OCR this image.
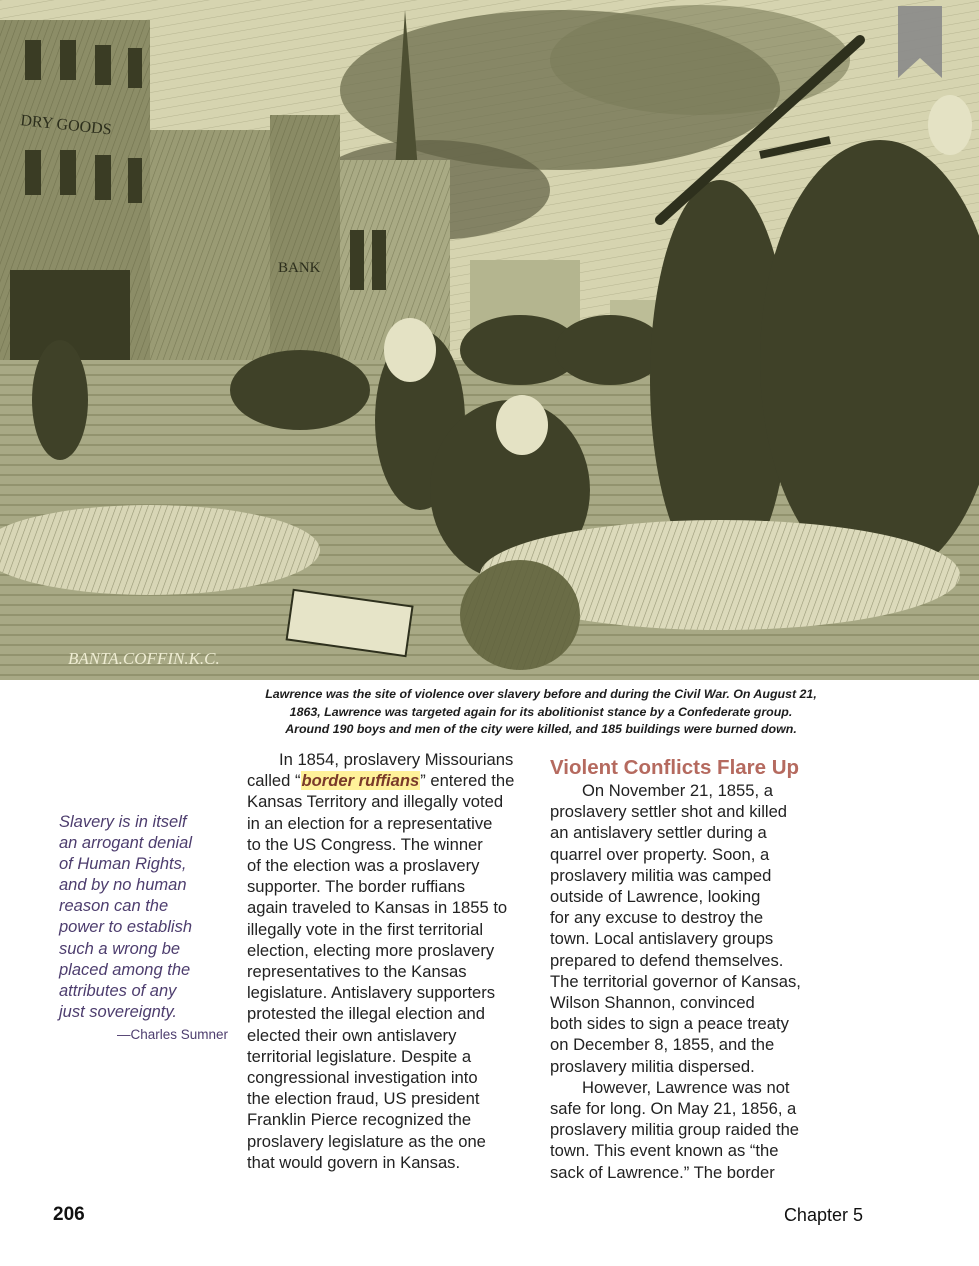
DRY GOODS
BANK
BANTA.COFFIN.K.C.
Lawrence was the site of violence over slavery before and during the Civil War. On August 21,
1863, Lawrence was targeted again for its abolitionist stance by a Confederate group.
Around 190 boys and men of the city were killed, and 185 buildings were burned down.
Slavery is in itself
an arrogant denial
of Human Rights,
and by no human
reason can the
power to establish
such a wrong be
placed among the
attributes of any
just sovereignty.
—Charles Sumner
In 1854, proslavery Missourians
called “border ruffians” entered the
Kansas Territory and illegally voted
in an election for a representative
to the US Congress. The winner
of the election was a proslavery
supporter. The border ruffians
again traveled to Kansas in 1855 to
illegally vote in the first territorial
election, electing more proslavery
representatives to the Kansas
legislature. Antislavery supporters
protested the illegal election and
elected their own antislavery
territorial legislature. Despite a
congressional investigation into
the election fraud, US president
Franklin Pierce recognized the
proslavery legislature as the one
that would govern in Kansas.
Violent Conflicts Flare Up
On November 21, 1855, a
proslavery settler shot and killed
an antislavery settler during a
quarrel over property. Soon, a
proslavery militia was camped
outside of Lawrence, looking
for any excuse to destroy the
town. Local antislavery groups
prepared to defend themselves.
The territorial governor of Kansas,
Wilson Shannon, convinced
both sides to sign a peace treaty
on December 8, 1855, and the
proslavery militia dispersed.
However, Lawrence was not
safe for long. On May 21, 1856, a
proslavery militia group raided the
town. This event known as “the
sack of Lawrence.” The border
206	Chapter 5
